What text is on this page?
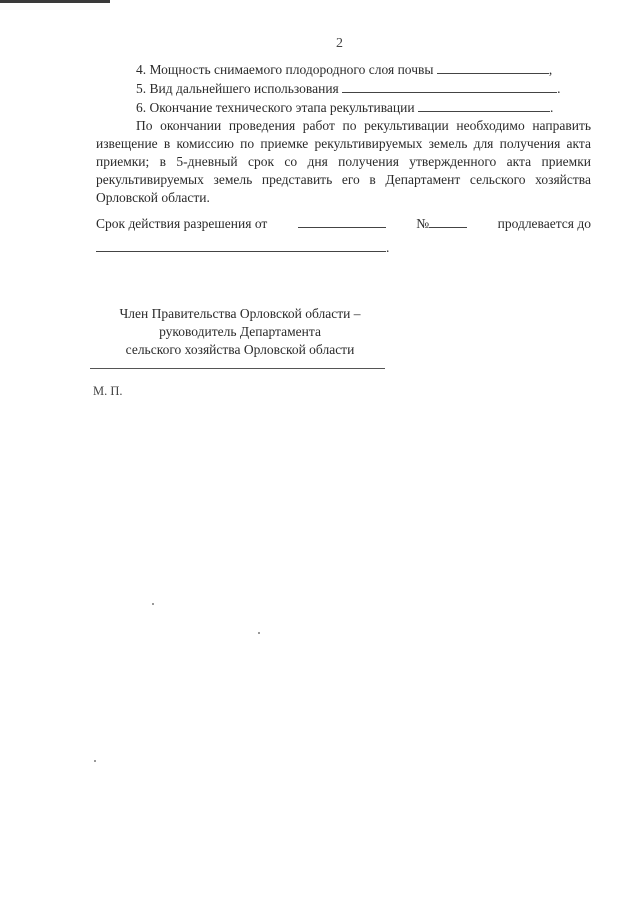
2
4. Мощность снимаемого плодородного слоя почвы	,
5. Вид дальнейшего использования	.
6. Окончание технического этапа рекультивации	.
По окончании проведения работ по рекультивации необходимо направить извещение в комиссию по приемке рекультивируемых земель для получения акта приемки; в 5-дневный срок со дня получения утвержденного акта приемки рекультивируемых земель представить его в Департамент сельского хозяйства Орловской области.
Срок действия разрешения от	№	продлевается до
.
Член Правительства Орловской области –
руководитель Департамента
сельского хозяйства Орловской области
М. П.
